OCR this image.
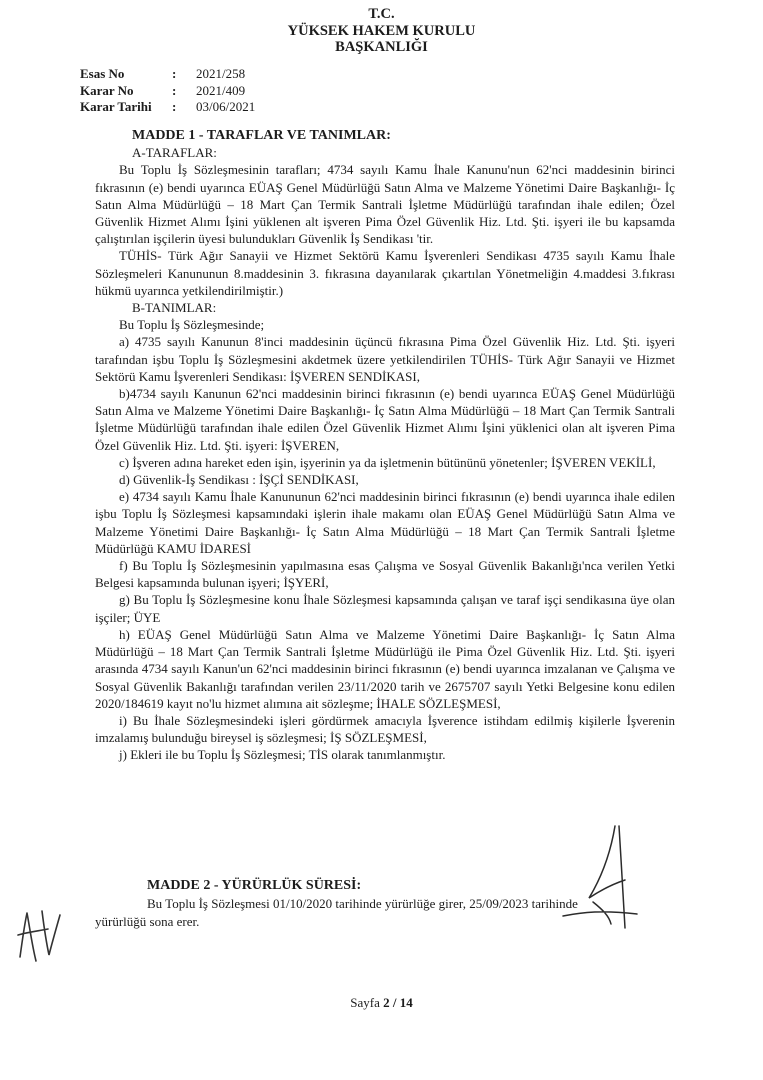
T.C.
YÜKSEK HAKEM KURULU
BAŞKANLIĞI
Esas No	:	2021/258
Karar No	:	2021/409
Karar Tarihi	:	03/06/2021

MADDE 1 - TARAFLAR VE TANIMLAR:

A-TARAFLAR:

Bu Toplu İş Sözleşmesinin tarafları; 4734 sayılı Kamu İhale Kanunu'nun 62'nci maddesinin birinci fıkrasının (e) bendi uyarınca EÜAŞ Genel Müdürlüğü Satın Alma ve Malzeme Yönetimi Daire Başkanlığı- İç Satın Alma Müdürlüğü – 18 Mart Çan Termik Santrali İşletme Müdürlüğü tarafından ihale edilen; Özel Güvenlik Hizmet Alımı İşini yüklenen alt işveren Pima Özel Güvenlik Hiz. Ltd. Şti. işyeri ile bu kapsamda çalıştırılan işçilerin üyesi bulundukları Güvenlik İş Sendikası 'tir.

TÜHİS- Türk Ağır Sanayii ve Hizmet Sektörü Kamu İşverenleri Sendikası 4735 sayılı Kamu İhale Sözleşmeleri Kanununun 8.maddesinin 3. fıkrasına dayanılarak çıkartılan Yönetmeliğin 4.maddesi 3.fıkrası hükmü uyarınca yetkilendirilmiştir.)

B-TANIMLAR:

Bu Toplu İş Sözleşmesinde;

a) 4735 sayılı Kanunun 8'inci maddesinin üçüncü fıkrasına Pima Özel Güvenlik Hiz. Ltd. Şti. işyeri tarafından işbu Toplu İş Sözleşmesini akdetmek üzere yetkilendirilen TÜHİS- Türk Ağır Sanayii ve Hizmet Sektörü Kamu İşverenleri Sendikası: İŞVEREN SENDİKASI,

b)4734 sayılı Kanunun 62'nci maddesinin birinci fıkrasının (e) bendi uyarınca EÜAŞ Genel Müdürlüğü Satın Alma ve Malzeme Yönetimi Daire Başkanlığı- İç Satın Alma Müdürlüğü – 18 Mart Çan Termik Santrali İşletme Müdürlüğü tarafından ihale edilen Özel Güvenlik Hizmet Alımı İşini yüklenici olan alt işveren Pima Özel Güvenlik Hiz. Ltd. Şti. işyeri: İŞVEREN,

c) İşveren adına hareket eden işin, işyerinin ya da işletmenin bütününü yönetenler; İŞVEREN VEKİLİ,

d) Güvenlik-İş Sendikası : İŞÇİ SENDİKASI,

e) 4734 sayılı Kamu İhale Kanununun 62'nci maddesinin birinci fıkrasının (e) bendi uyarınca ihale edilen işbu Toplu İş Sözleşmesi kapsamındaki işlerin ihale makamı olan EÜAŞ Genel Müdürlüğü Satın Alma ve Malzeme Yönetimi Daire Başkanlığı- İç Satın Alma Müdürlüğü – 18 Mart Çan Termik Santrali İşletme Müdürlüğü KAMU İDARESİ

f) Bu Toplu İş Sözleşmesinin yapılmasına esas Çalışma ve Sosyal Güvenlik Bakanlığı'nca verilen Yetki Belgesi kapsamında bulunan işyeri; İŞYERİ,

g) Bu Toplu İş Sözleşmesine konu İhale Sözleşmesi kapsamında çalışan ve taraf işçi sendikasına üye olan işçiler; ÜYE

h) EÜAŞ Genel Müdürlüğü Satın Alma ve Malzeme Yönetimi Daire Başkanlığı- İç Satın Alma Müdürlüğü – 18 Mart Çan Termik Santrali İşletme Müdürlüğü ile Pima Özel Güvenlik Hiz. Ltd. Şti. işyeri arasında 4734 sayılı Kanun'un 62'nci maddesinin birinci fıkrasının (e) bendi uyarınca imzalanan ve Çalışma ve Sosyal Güvenlik Bakanlığı tarafından verilen 23/11/2020 tarih ve 2675707 sayılı Yetki Belgesine konu edilen 2020/184619 kayıt no'lu hizmet alımına ait sözleşme; İHALE SÖZLEŞMESİ,

i) Bu İhale Sözleşmesindeki işleri gördürmek amacıyla İşverence istihdam edilmiş kişilerle İşverenin imzalamış bulunduğu bireysel iş sözleşmesi; İŞ SÖZLEŞMESİ,

j) Ekleri ile bu Toplu İş Sözleşmesi; TİS olarak tanımlanmıştır.

MADDE 2 - YÜRÜRLÜK SÜRESİ:

Bu Toplu İş Sözleşmesi 01/10/2020 tarihinde yürürlüğe girer, 25/09/2023 tarihinde

yürürlüğü sona erer.

Sayfa 2 / 14
